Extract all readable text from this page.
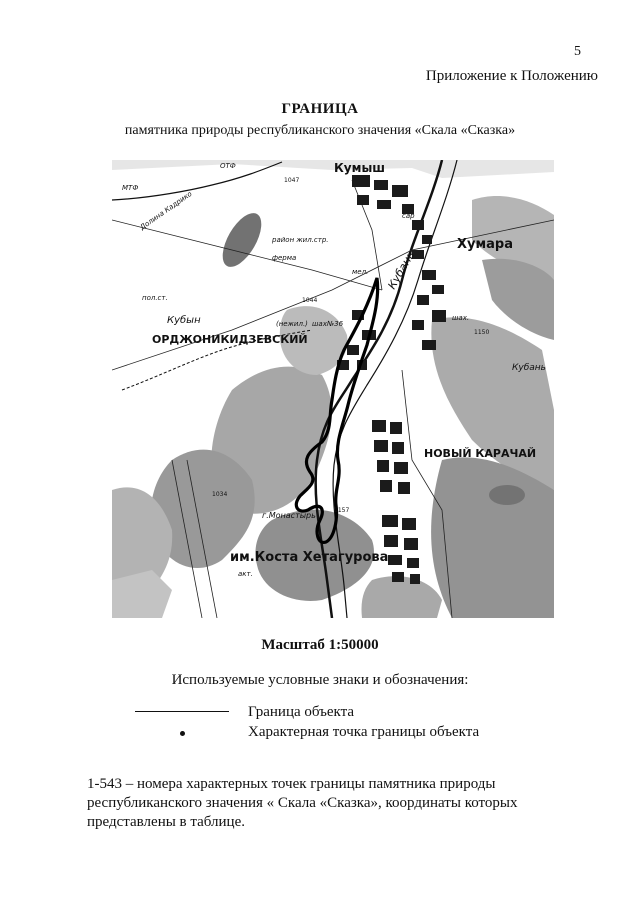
5
Приложение к Положению
ГРАНИЦА
памятника природы республиканского значения «Скала «Сказка»
Кумыш
Хумара
Кубань
ОРДЖОНИКИДЗЕВСКИЙ
НОВЫЙ КАРАЧАЙ
им.Коста Хетагурова
Кубын
Кубань
г.Монастырь
МТФ
ОТФ
пол.ст.
Долина Кадрико
район жил.стр.
ферма
мел.
сар
шах.
шах№36
(нежил.)
1047
1044
1150
1034
1157
акт.
Масштаб 1:50000
Используемые условные знаки и обозначения:
Граница объекта
Характерная точка границы объекта
1-543 – номера характерных точек границы памятника природы республиканского значения « Скала «Сказка», координаты которых представлены в таблице.
